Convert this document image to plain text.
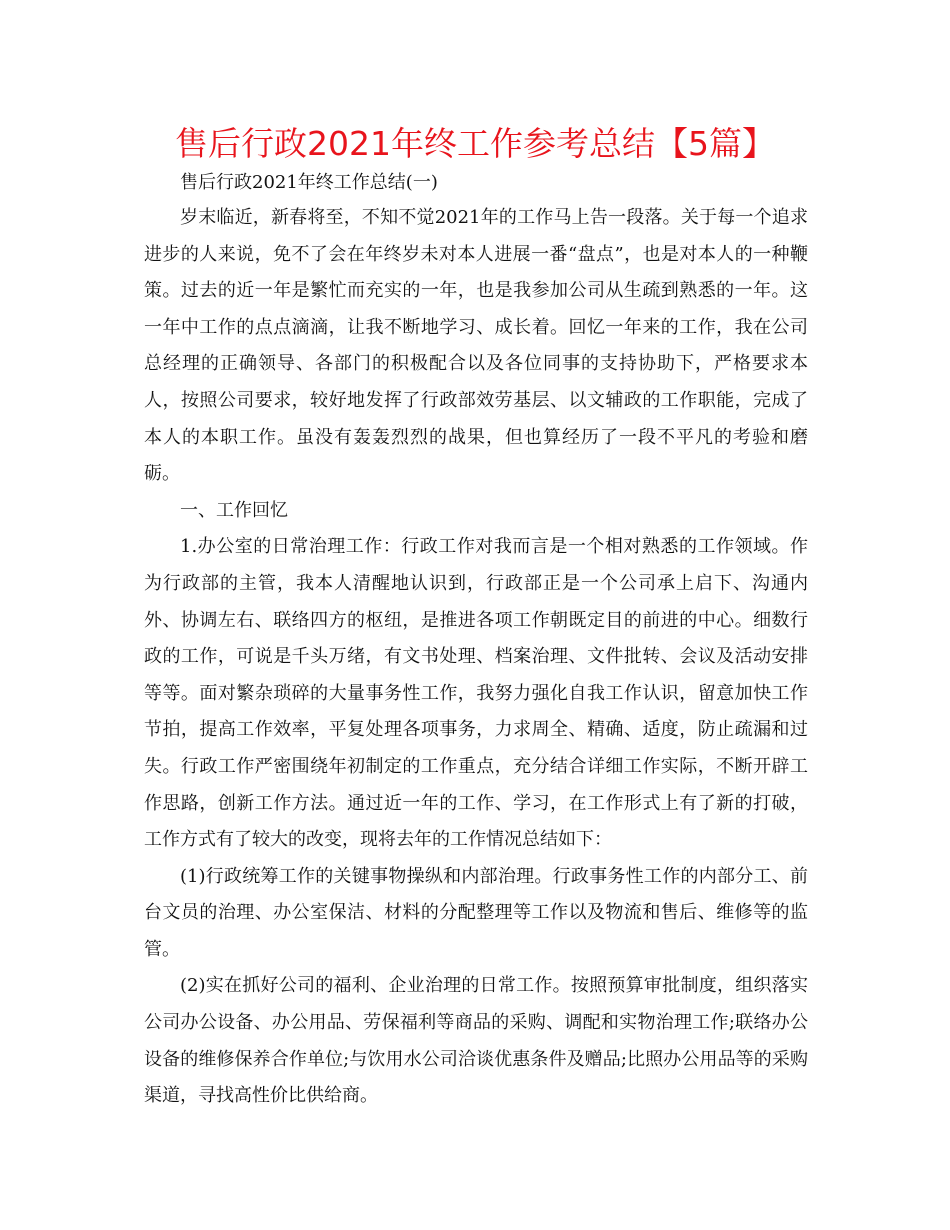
售后行政2021年终工作参考总结【5篇】

售后行政2021年终工作总结(一)

岁末临近，新春将至，不知不觉2021年的工作马上告一段落。关于每一个追求进步的人来说，免不了会在年终岁未对本人进展一番“盘点”，也是对本人的一种鞭策。过去的近一年是繁忙而充实的一年，也是我参加公司从生疏到熟悉的一年。这一年中工作的点点滴滴，让我不断地学习、成长着。回忆一年来的工作，我在公司总经理的正确领导、各部门的积极配合以及各位同事的支持协助下，严格要求本人，按照公司要求，较好地发挥了行政部效劳基层、以文辅政的工作职能，完成了本人的本职工作。虽没有轰轰烈烈的战果，但也算经历了一段不平凡的考验和磨砺。

一、工作回忆

1.办公室的日常治理工作：行政工作对我而言是一个相对熟悉的工作领域。作为行政部的主管，我本人清醒地认识到，行政部正是一个公司承上启下、沟通内外、协调左右、联络四方的枢纽，是推进各项工作朝既定目的前进的中心。细数行政的工作，可说是千头万绪，有文书处理、档案治理、文件批转、会议及活动安排等等。面对繁杂琐碎的大量事务性工作，我努力强化自我工作认识，留意加快工作节拍，提高工作效率，平复处理各项事务，力求周全、精确、适度，防止疏漏和过失。行政工作严密围绕年初制定的工作重点，充分结合详细工作实际，不断开辟工作思路，创新工作方法。通过近一年的工作、学习，在工作形式上有了新的打破，工作方式有了较大的改变，现将去年的工作情况总结如下：

(1)行政统筹工作的关键事物操纵和内部治理。行政事务性工作的内部分工、前台文员的治理、办公室保洁、材料的分配整理等工作以及物流和售后、维修等的监管。

(2)实在抓好公司的福利、企业治理的日常工作。按照预算审批制度，组织落实公司办公设备、办公用品、劳保福利等商品的采购、调配和实物治理工作;联络办公设备的维修保养合作单位;与饮用水公司洽谈优惠条件及赠品;比照办公用品等的采购渠道，寻找高性价比供给商。
